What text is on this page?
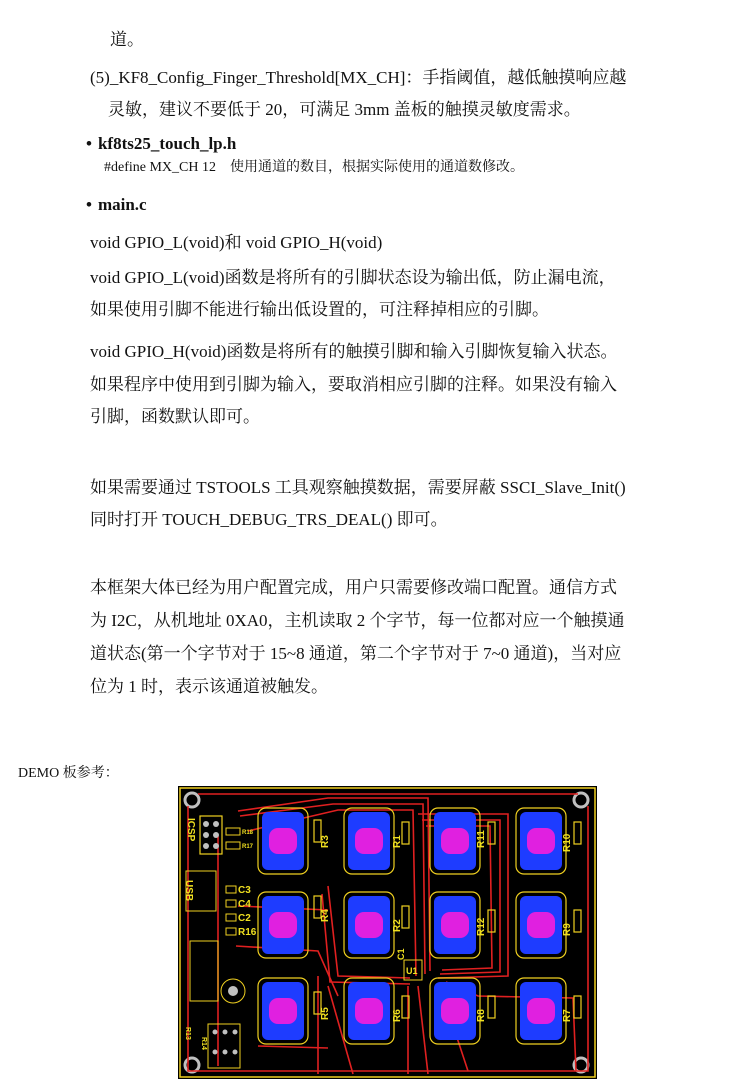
道。
(5)_KF8_Config_Finger_Threshold[MX_CH]：手指阈值，越低触摸响应越
灵敏，建议不要低于 20，可满足 3mm 盖板的触摸灵敏度需求。
• kf8ts25_touch_lp.h
#define MX_CH 12　使用通道的数目，根据实际使用的通道数修改。
• main.c
void GPIO_L(void)和 void GPIO_H(void)
void GPIO_L(void)函数是将所有的引脚状态设为输出低，防止漏电流，
如果使用引脚不能进行输出低设置的，可注释掉相应的引脚。
void GPIO_H(void)函数是将所有的触摸引脚和输入引脚恢复输入状态。
如果程序中使用到引脚为输入，要取消相应引脚的注释。如果没有输入
引脚，函数默认即可。
如果需要通过 TSTOOLS 工具观察触摸数据，需要屏蔽 SSCI_Slave_Init()
同时打开 TOUCH_DEBUG_TRS_DEAL() 即可。
本框架大体已经为用户配置完成，用户只需要修改端口配置。通信方式
为 I2C，从机地址 0XA0，主机读取 2 个字节，每一位都对应一个触摸通
道状态(第一个字节对于 15~8 通道，第二个字节对于 7~0 通道)，当对应
位为 1 时，表示该通道被触发。
DEMO 板参考：
ICSP
USB
R18
R17
C3
C4
C2
R16
R13
R14
C1
U1
R3	R1	R11	R10
R4
R2	R12	R9
R5	R6	R8	R7
